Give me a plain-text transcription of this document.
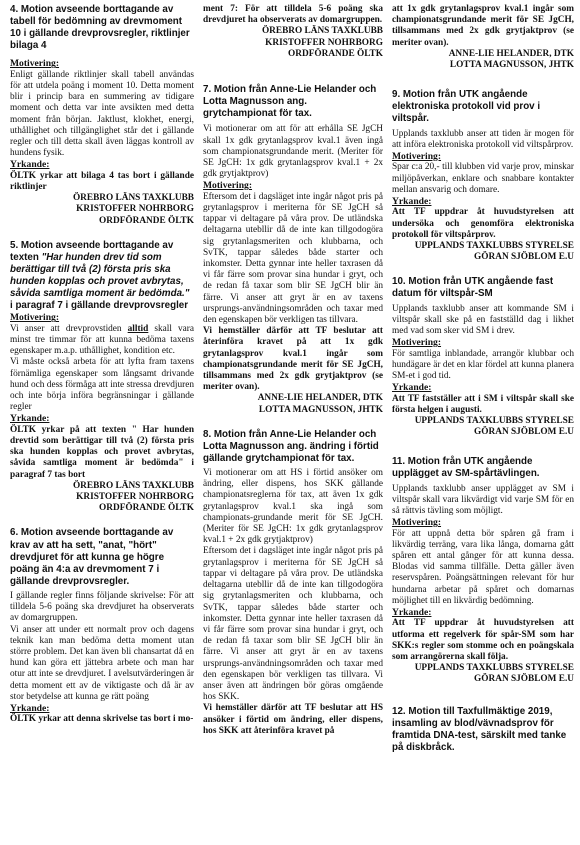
4. Motion avseende borttagande av tabell för bedömning av drevmoment 10 i gällande drevprovsregler, riktlinjer bilaga 4

Motivering:

Enligt gällande riktlinjer skall tabell användas för att utdela poäng i moment 10. Detta moment blir i princip bara en summering av tidigare moment och detta var inte avsikten med detta moment från början. Jaktlust, klokhet, energi, uthållighet och tillgänglighet står det i gällande regler och till detta skall även läggas kontroll av hundens fysik.

Yrkande:

ÖLTK yrkar att bilaga 4 tas bort i gällande riktlinjer

ÖREBRO LÄNS TAXKLUBB

KRISTOFFER NOHRBORG

ORDFÖRANDE ÖLTK

5. Motion avseende borttagande av texten "Har hunden drev tid som berättigar till två (2) första pris ska hunden kopplas och provet avbrytas, såvida samtliga moment är bedömda." i paragraf 7 i gällande drevprovsregler

Motivering:

Vi anser att drevprovstiden alltid skall vara minst tre timmar för att kunna bedöma taxens egenskaper m.a.p. uthållighet, kondition etc.

Vi måste också arbeta för att lyfta fram taxens förnämliga egenskaper som långsamt drivande hund och dess förmåga att inte stressa drevdjuren och inte börja införa begränsningar i gällande regler

Yrkande:

ÖLTK yrkar på att texten " Har hunden drevtid som berättigar till två (2) första pris ska hunden kopplas och provet avbrytas, såvida samtliga moment är bedömda" i paragraf 7 tas bort

ÖREBRO LÄNS TAXKLUBB

KRISTOFFER NOHRBORG

ORDFÖRANDE ÖLTK

6. Motion avseende borttagande av krav av att ha sett, "anat, "hört" drevdjuret för att kunna ge högre poäng än 4:a av drevmoment 7 i gällande drevprovsregler.

I gällande regler finns följande skrivelse: För att tilldela 5-6 poäng ska drevdjuret ha observerats av domargruppen.

Vi anser att under ett normalt prov och dagens teknik kan man bedöma detta moment utan större problem. Det kan även bli chansartat då en hund kan göra ett jättebra arbete och man har otur att inte se drevdjuret. I avelsutvärderingen är detta moment ett av de viktigaste och då är av stor betydelse att kunna ge rätt poäng

Yrkande:

ÖLTK yrkar att denna skrivelse tas bort i mo-

ment 7: För att tilldela 5-6 poäng ska drevdjuret ha observerats av domargruppen.

ÖREBRO LÄNS TAXKLUBB

KRISTOFFER NOHRBORG

ORDFÖRANDE ÖLTK

7. Motion från Anne-Lie Helander och Lotta Magnusson ang. grytchampionat för tax.

Vi motionerar om att för att erhålla SE JgCH skall 1x gdk grytanlagsprov kval.1 även ingå som championatsgrundande merit. (Meriter för SE JgCH: 1x gdk grytanlagsprov kval.1 + 2x gdk grytjaktprov)

Motivering:

Eftersom det i dagsläget inte ingår något pris på grytanlagsprov i meriterna för SE JgCH så tappar vi deltagare på våra prov. De utländska deltagarna utebllir då de inte kan tillgodogöra sig grytanlagsmeriten och klubbarna, och SvTK, tappar således både starter och inkomster. Detta gynnar inte heller taxrasen då vi får färre som provar sina hundar i gryt, och de redan få taxar som blir SE JgCH blir än färre. Vi anser att gryt är en av taxens ursprungs-användningsområden och taxar med den egenskapen bör verkligen tas tillvara.

Vi hemställer därför att TF beslutar att återinföra kravet på att 1x gdk grytanlagsprov kval.1 ingår som championatsgrundande merit för SE JgCH, tillsammans med 2x gdk grytjaktprov (se meriter ovan).

ANNE-LIE HELANDER, DTK

LOTTA MAGNUSSON, JHTK

8. Motion från Anne-Lie Helander och Lotta Magnusson ang. ändring i förtid gällande grytchampionat för tax.

Vi motionerar om att HS i förtid ansöker om ändring, eller dispens, hos SKK gällande championatsreglerna för tax, att även 1x gdk grytanlagsprov kval.1 ska ingå som championats-grundande merit för SE JgCH. (Meriter för SE JgCH: 1x gdk grytanlagsprov kval.1 + 2x gdk grytjaktprov)

Eftersom det i dagsläget inte ingår något pris på grytanlagsprov i meriterna för SE JgCH så tappar vi deltagare på våra prov. De utländska deltagarna utebllir då de inte kan tillgodogöra sig grytanlagsmeriten och klubbarna, och SvTK, tappar således både starter och inkomster. Detta gynnar inte heller taxrasen då vi får färre som provar sina hundar i gryt, och de redan få taxar som blir SE JgCH blir än färre. Vi anser att gryt är en av taxens ursprungs-användningsområden och taxar med den egenskapen bör verkligen tas tillvara. Vi anser även att ändringen bör göras omgående hos SKK.

Vi hemställer därför att TF beslutar att HS ansöker i förtid om ändring, eller dispens, hos SKK att återinföra kravet på

att 1x gdk grytanlagsprov kval.1 ingår som championatsgrundande merit för SE JgCH, tillsammans med 2x gdk grytjaktprov (se meriter ovan).

ANNE-LIE HELANDER, DTK

LOTTA MAGNUSSON, JHTK

9. Motion från UTK angående elektroniska protokoll vid prov i viltspår.

Upplands taxklubb anser att tiden är mogen för att införa elektroniska protokoll vid viltspårprov.

Motivering:

Spar c:a 20,- till klubben vid varje prov, minskar miljöpåverkan, enklare och snabbare kontakter mellan ansvarig och domare.

Yrkande:

Att TF uppdrar åt huvudstyrelsen att undersöka och genomföra elektroniska protokoll för viltspårprov.

UPPLANDS TAXKLUBBS STYRELSE

GÖRAN SJÖBLOM E.U

10. Motion från UTK angående fast datum för viltspår-SM

Upplands taxklubb anser att kommande SM i viltspår skall ske på en fastställd dag i likhet med vad som sker vid SM i drev.

Motivering:

För samtliga inblandade, arrangör klubbar och hundägare är det en klar fördel att kunna planera SM-et i god tid.

Yrkande:

Att TF fastställer att i SM i viltspår skall ske första helgen i augusti.

UPPLANDS TAXKLUBBS STYRELSE

GÖRAN SJÖBLOM E.U

11. Motion från UTK angående upplägget av SM-spårtävlingen.

Upplands taxklubb anser upplägget av SM i viltspår skall vara likvärdigt vid varje SM för en så rättvis tävling som möjligt.

Motivering:

För att uppnå detta bör spåren gå fram i likvärdig terräng, vara lika långa, domarna gått spåren ett antal gånger för att kunna dessa. Blodas vid samma tillfälle. Detta gäller även reservspåren. Poängsättningen relevant för hur hundarna arbetar på spåret och domarnas möjlighet till en likvärdig bedömning.

Yrkande:

Att TF uppdrar åt huvudstyrelsen att utforma ett regelverk för spår-SM som har SKK:s regler som stomme och en poängskala som arrangörerna skall följa.

UPPLANDS TAXKLUBBS STYRELSE

GÖRAN SJÖBLOM E.U

12. Motion till Taxfullmäktige 2019, insamling av blod/vävnadsprov för framtida DNA-test, särskilt med tanke på diskbråck.
